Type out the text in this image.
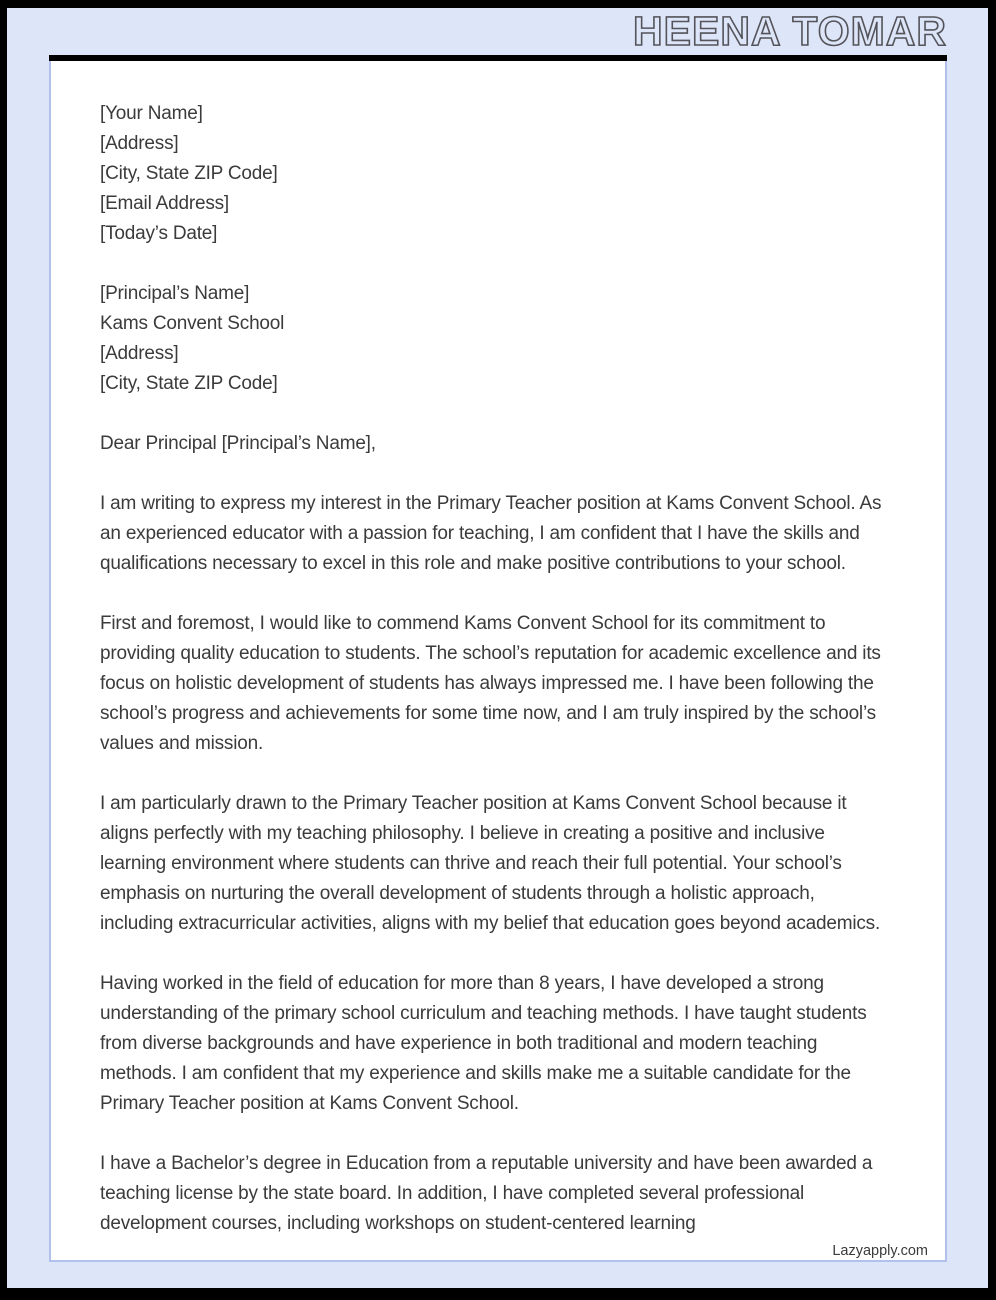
HEENA TOMAR
[Your Name]
[Address]
[City, State ZIP Code]
[Email Address]
[Today’s Date]
[Principal’s Name]
Kams Convent School
[Address]
[City, State ZIP Code]
Dear Principal [Principal’s Name],
I am writing to express my interest in the Primary Teacher position at Kams Convent School. As an experienced educator with a passion for teaching, I am confident that I have the skills and qualifications necessary to excel in this role and make positive contributions to your school.
First and foremost, I would like to commend Kams Convent School for its commitment to providing quality education to students. The school’s reputation for academic excellence and its focus on holistic development of students has always impressed me. I have been following the school’s progress and achievements for some time now, and I am truly inspired by the school’s values and mission.
I am particularly drawn to the Primary Teacher position at Kams Convent School because it aligns perfectly with my teaching philosophy. I believe in creating a positive and inclusive learning environment where students can thrive and reach their full potential. Your school’s emphasis on nurturing the overall development of students through a holistic approach, including extracurricular activities, aligns with my belief that education goes beyond academics.
Having worked in the field of education for more than 8 years, I have developed a strong understanding of the primary school curriculum and teaching methods. I have taught students from diverse backgrounds and have experience in both traditional and modern teaching methods. I am confident that my experience and skills make me a suitable candidate for the Primary Teacher position at Kams Convent School.
I have a Bachelor’s degree in Education from a reputable university and have been awarded a teaching license by the state board. In addition, I have completed several professional development courses, including workshops on student-centered learning
Lazyapply.com
